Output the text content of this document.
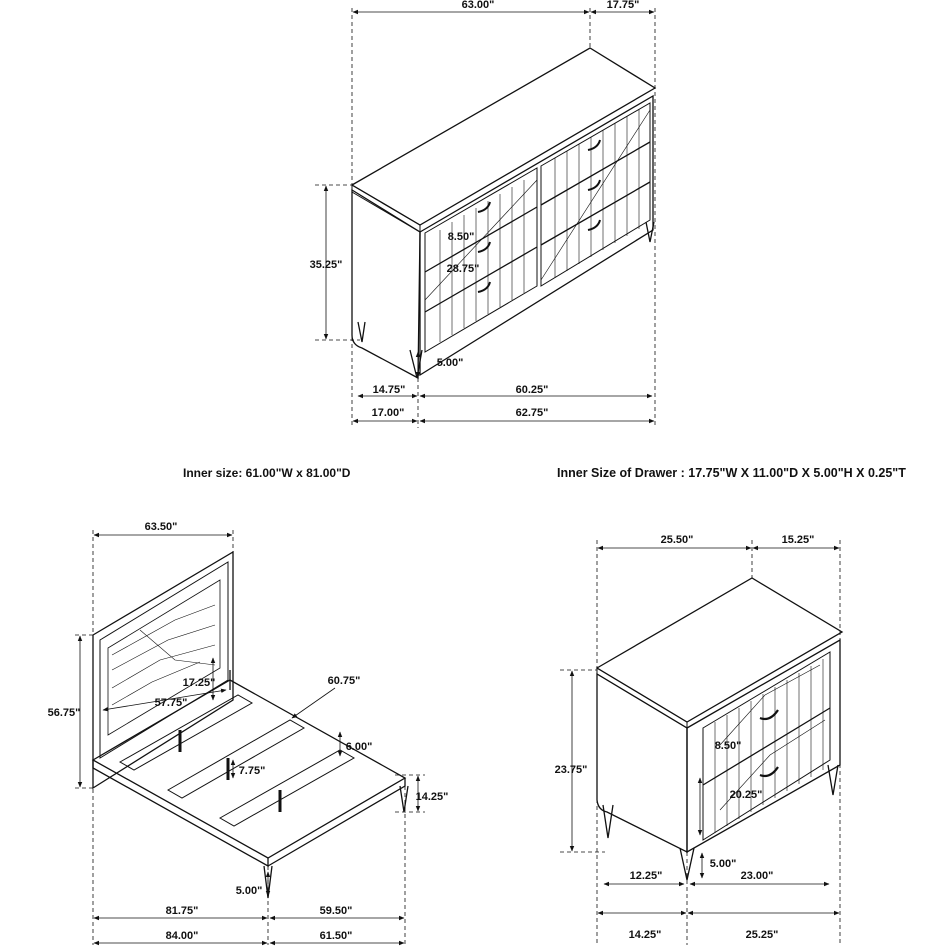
63.00"	17.75"
35.25"
8.50"
28.75"
5.00"
14.75"	60.25"
17.00"	62.75"
63.50"
56.75"
17.25"
57.75"
60.75"
6.00"
7.75"
14.25"
5.00"
81.75"	59.50"
84.00"	61.50"
25.50"	15.25"
23.75"
8.50"
20.25"
5.00"
12.25"	23.00"
14.25"	25.25"
Inner size: 61.00"W x 81.00"D	Inner Size of Drawer : 17.75"W X 11.00"D X 5.00"H X 0.25"T
